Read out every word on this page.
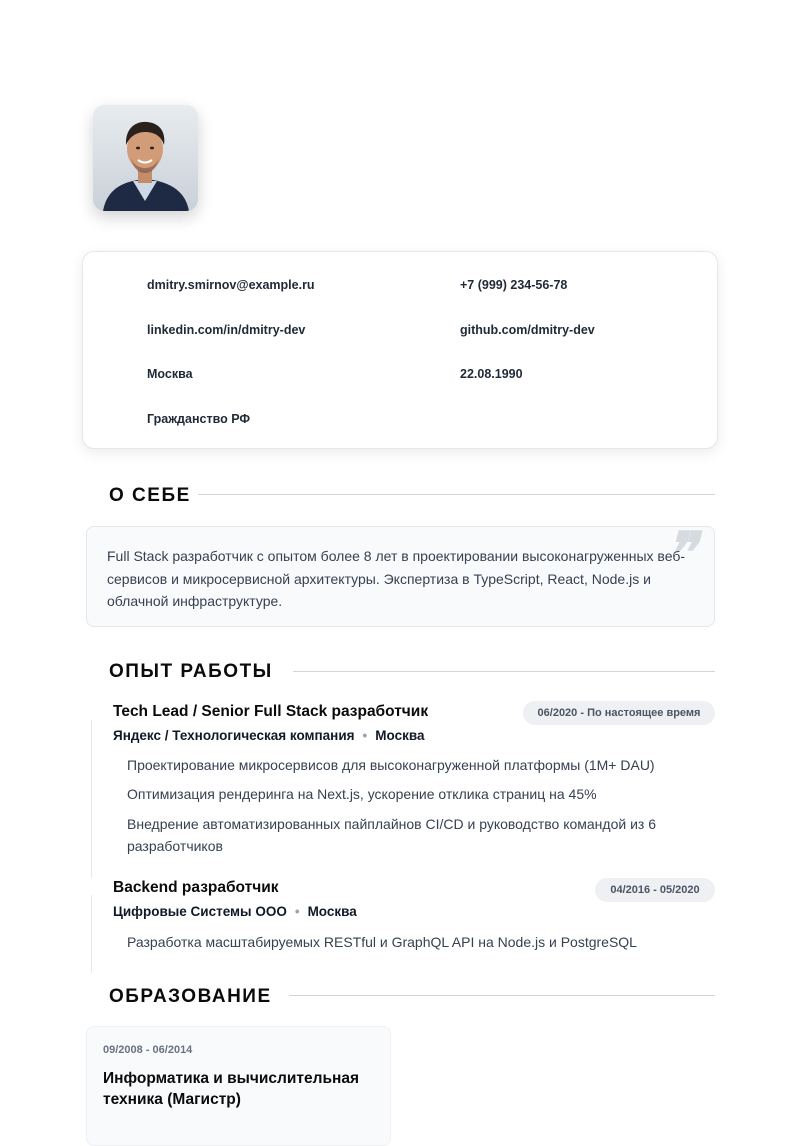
dmitry.smirnov@example.ru	+7 (999) 234-56-78
linkedin.com/in/dmitry-dev	github.com/dmitry-dev
Москва	22.08.1990
Гражданство РФ
О СЕБЕ
❞
Full Stack разработчик с опытом более 8 лет в проектировании высоконагруженных веб-сервисов и микросервисной архитектуры. Экспертиза в TypeScript, React, Node.js и облачной инфраструктуре.
ОПЫТ РАБОТЫ
Tech Lead / Senior Full Stack разработчик	06/2020 - По настоящее время
Яндекс / Технологическая компания • Москва
Проектирование микросервисов для высоконагруженной платформы (1M+ DAU)
Оптимизация рендеринга на Next.js, ускорение отклика страниц на 45%
Внедрение автоматизированных пайплайнов CI/CD и руководство командой из 6 разработчиков
Backend разработчик	04/2016 - 05/2020
Цифровые Системы ООО • Москва
Разработка масштабируемых RESTful и GraphQL API на Node.js и PostgreSQL
ОБРАЗОВАНИЕ
09/2008 - 06/2014
Информатика и вычислительная техника (Магистр)
